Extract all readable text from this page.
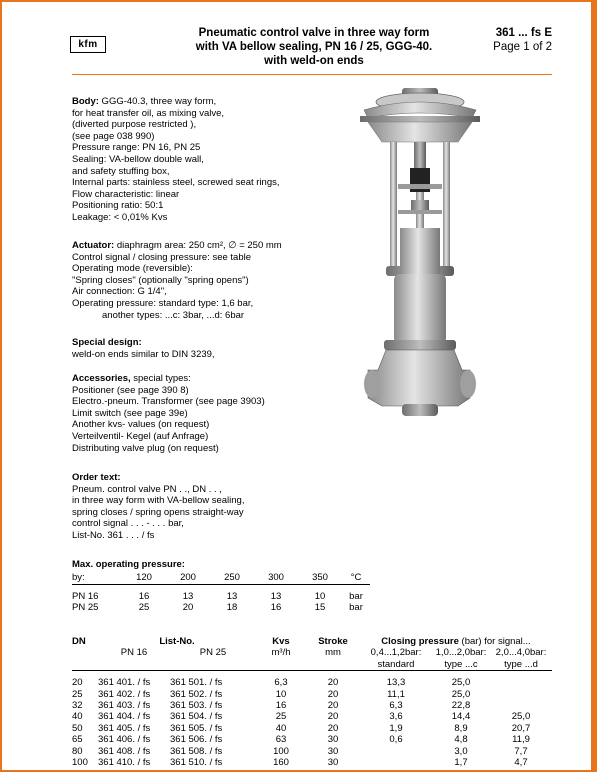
kfm
Pneumatic control valve in three way form
with VA bellow sealing, PN 16 / 25, GGG-40.
with weld-on ends
361 ... fs E
Page 1 of 2
Body: GGG-40.3, three way form,
for heat transfer oil, as mixing valve,
(diverted purpose restricted ),
(see page 038 990)
Pressure range: PN 16, PN 25
Sealing: VA-bellow double wall,
and safety stuffing box,
Internal parts: stainless steel, screwed seat rings,
Flow characteristic: linear
Positioning ratio: 50:1
Leakage: < 0,01% Kvs
Actuator: diaphragm area: 250 cm², ∅ = 250 mm
Control signal / closing pressure: see table
Operating mode (reversible):
"Spring closes" (optionally "spring opens")
Air connection: G 1/4",
Operating pressure: standard type: 1,6 bar,
another types: ...c: 3bar, ...d: 6bar
Special design:
weld-on ends similar to DIN 3239,
Accessories, special types:
Positioner (see page 390 8)
Electro.-pneum. Transformer (see page 3903)
Limit switch (see page 39e)
Another kvs- values (on request)
Verteilventil- Kegel (auf Anfrage)
Distributing valve plug (on request)
Order text:
Pneum. control valve PN . ., DN . . ,
in three way form with VA-bellow sealing,
spring closes / spring opens straight-way
control signal . . . - . . . bar,
List-No. 361 . . . / fs
Max. operating pressure:
by:	120	200	250	300	350	°C

PN 16	16	13	13	13	10	bar
PN 25	25	20	18	16	15	bar
DN	List-No.		Kvs	Stroke	Closing pressure (bar) for signal...		
	PN 16	PN 25	m³/h	mm	0,4...1,2bar:	1,0...2,0bar:	2,0...4,0bar:
					standard	type ...c	type ...d

20	361 401. / fs	361 501. / fs	6,3	20	13,3	25,0	
25	361 402. / fs	361 502. / fs	10	20	11,1	25,0	
32	361 403. / fs	361 503. / fs	16	20	6,3	22,8	
40	361 404. / fs	361 504. / fs	25	20	3,6	14,4	25,0
50	361 405. / fs	361 505. / fs	40	20	1,9	8,9	20,7
65	361 406. / fs	361 506. / fs	63	30	0,6	4,8	11,9
80	361 408. / fs	361 508. / fs	100	30		3,0	7,7
100	361 410. / fs	361 510. / fs	160	30		1,7	4,7
